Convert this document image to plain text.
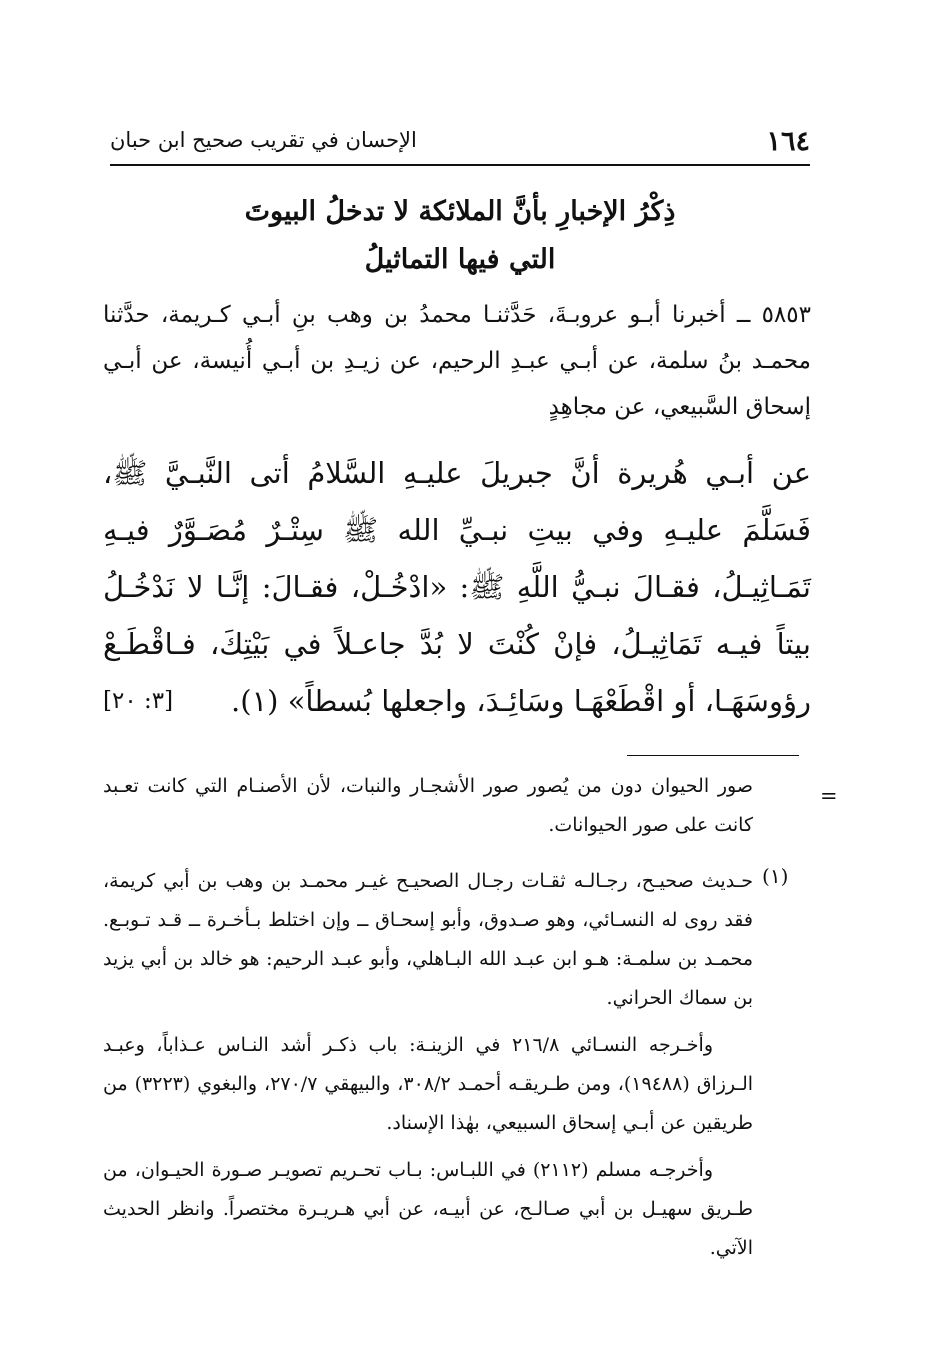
١٦٤
الإحسان في تقريب صحيح ابن حبان
ذِكْرُ الإخبارِ بأنَّ الملائكة لا تدخلُ البيوتَ
التي فيها التماثيلُ
٥٨٥٣ ــ أخبرنا أبـو عروبـةَ، حَدَّثنـا محمدُ بن وهب بنِ أبـي كـريمة، حدَّثنا محمـد بنُ سلمة، عن أبـي عبـدِ الرحيم، عن زيـدِ بن أبـي أُنيسة، عن أبـي إسحاق السَّبيعي، عن مجاهِدٍ
عن أبـي هُريرة أنَّ جبريلَ عليـهِ السَّلامُ أتى النَّبـيَّ ﷺ، فَسَلَّمَ عليـهِ وفي بيتِ نبـيِّ الله ﷺ سِتْـرٌ مُصَـوَّرٌ فيـهِ تَمَـاثِيـلُ، فقـالَ نبـيُّ اللَّهِ ﷺ: «ادْخُـلْ، فقـالَ: إنَّـا لا نَدْخُـلُ بيتاً فيـه تَمَاثِيـلُ، فإنْ كُنْتَ لا بُدَّ جاعـلاً في بَيْتِكَ، فـاقْطَـعْ رؤوسَهَـا، أو اقْطَعْهَـا وسَائِـدَ، واجعلها بُسطاً» (١).
[٣: ٢٠]
=
صور الحيوان دون من يُصور صور الأشجـار والنبات، لأن الأصنـام التي كانت تعـبد كانت على صور الحيوانات.
(١)

حـديث صحيـح، رجـالـه ثقـات رجـال الصحيـح غيـر محمـد بن وهب بن أبي كريمة، فقد روى له النسـائي، وهو صـدوق، وأبو إسحـاق ــ وإن اختلط بـأخـرة ــ قـد تـوبـع. محمـد بن سلمـة: هـو ابن عبـد الله البـاهلي، وأبو عبـد الرحيم: هو خالد بن أبي يزيد بن سماك الحراني.

وأخـرجه النسـائي ٢١٦/٨ في الزينـة: باب ذكـر أشد النـاس عـذاباً، وعبـد الـرزاق (١٩٤٨٨)، ومن طـريقـه أحمـد ٣٠٨/٢، والبيهقي ٢٧٠/٧، والبغوي (٣٢٢٣) من طريقين عن أبـي إسحاق السبيعي، بهٰذا الإسناد.

وأخرجـه مسلم (٢١١٢) في اللبـاس: بـاب تحـريم تصويـر صـورة الحيـوان، من طـريق سهيـل بن أبي صـالـح، عن أبيـه، عن أبي هـريـرة مختصراً. وانظر الحديث الآتي.
